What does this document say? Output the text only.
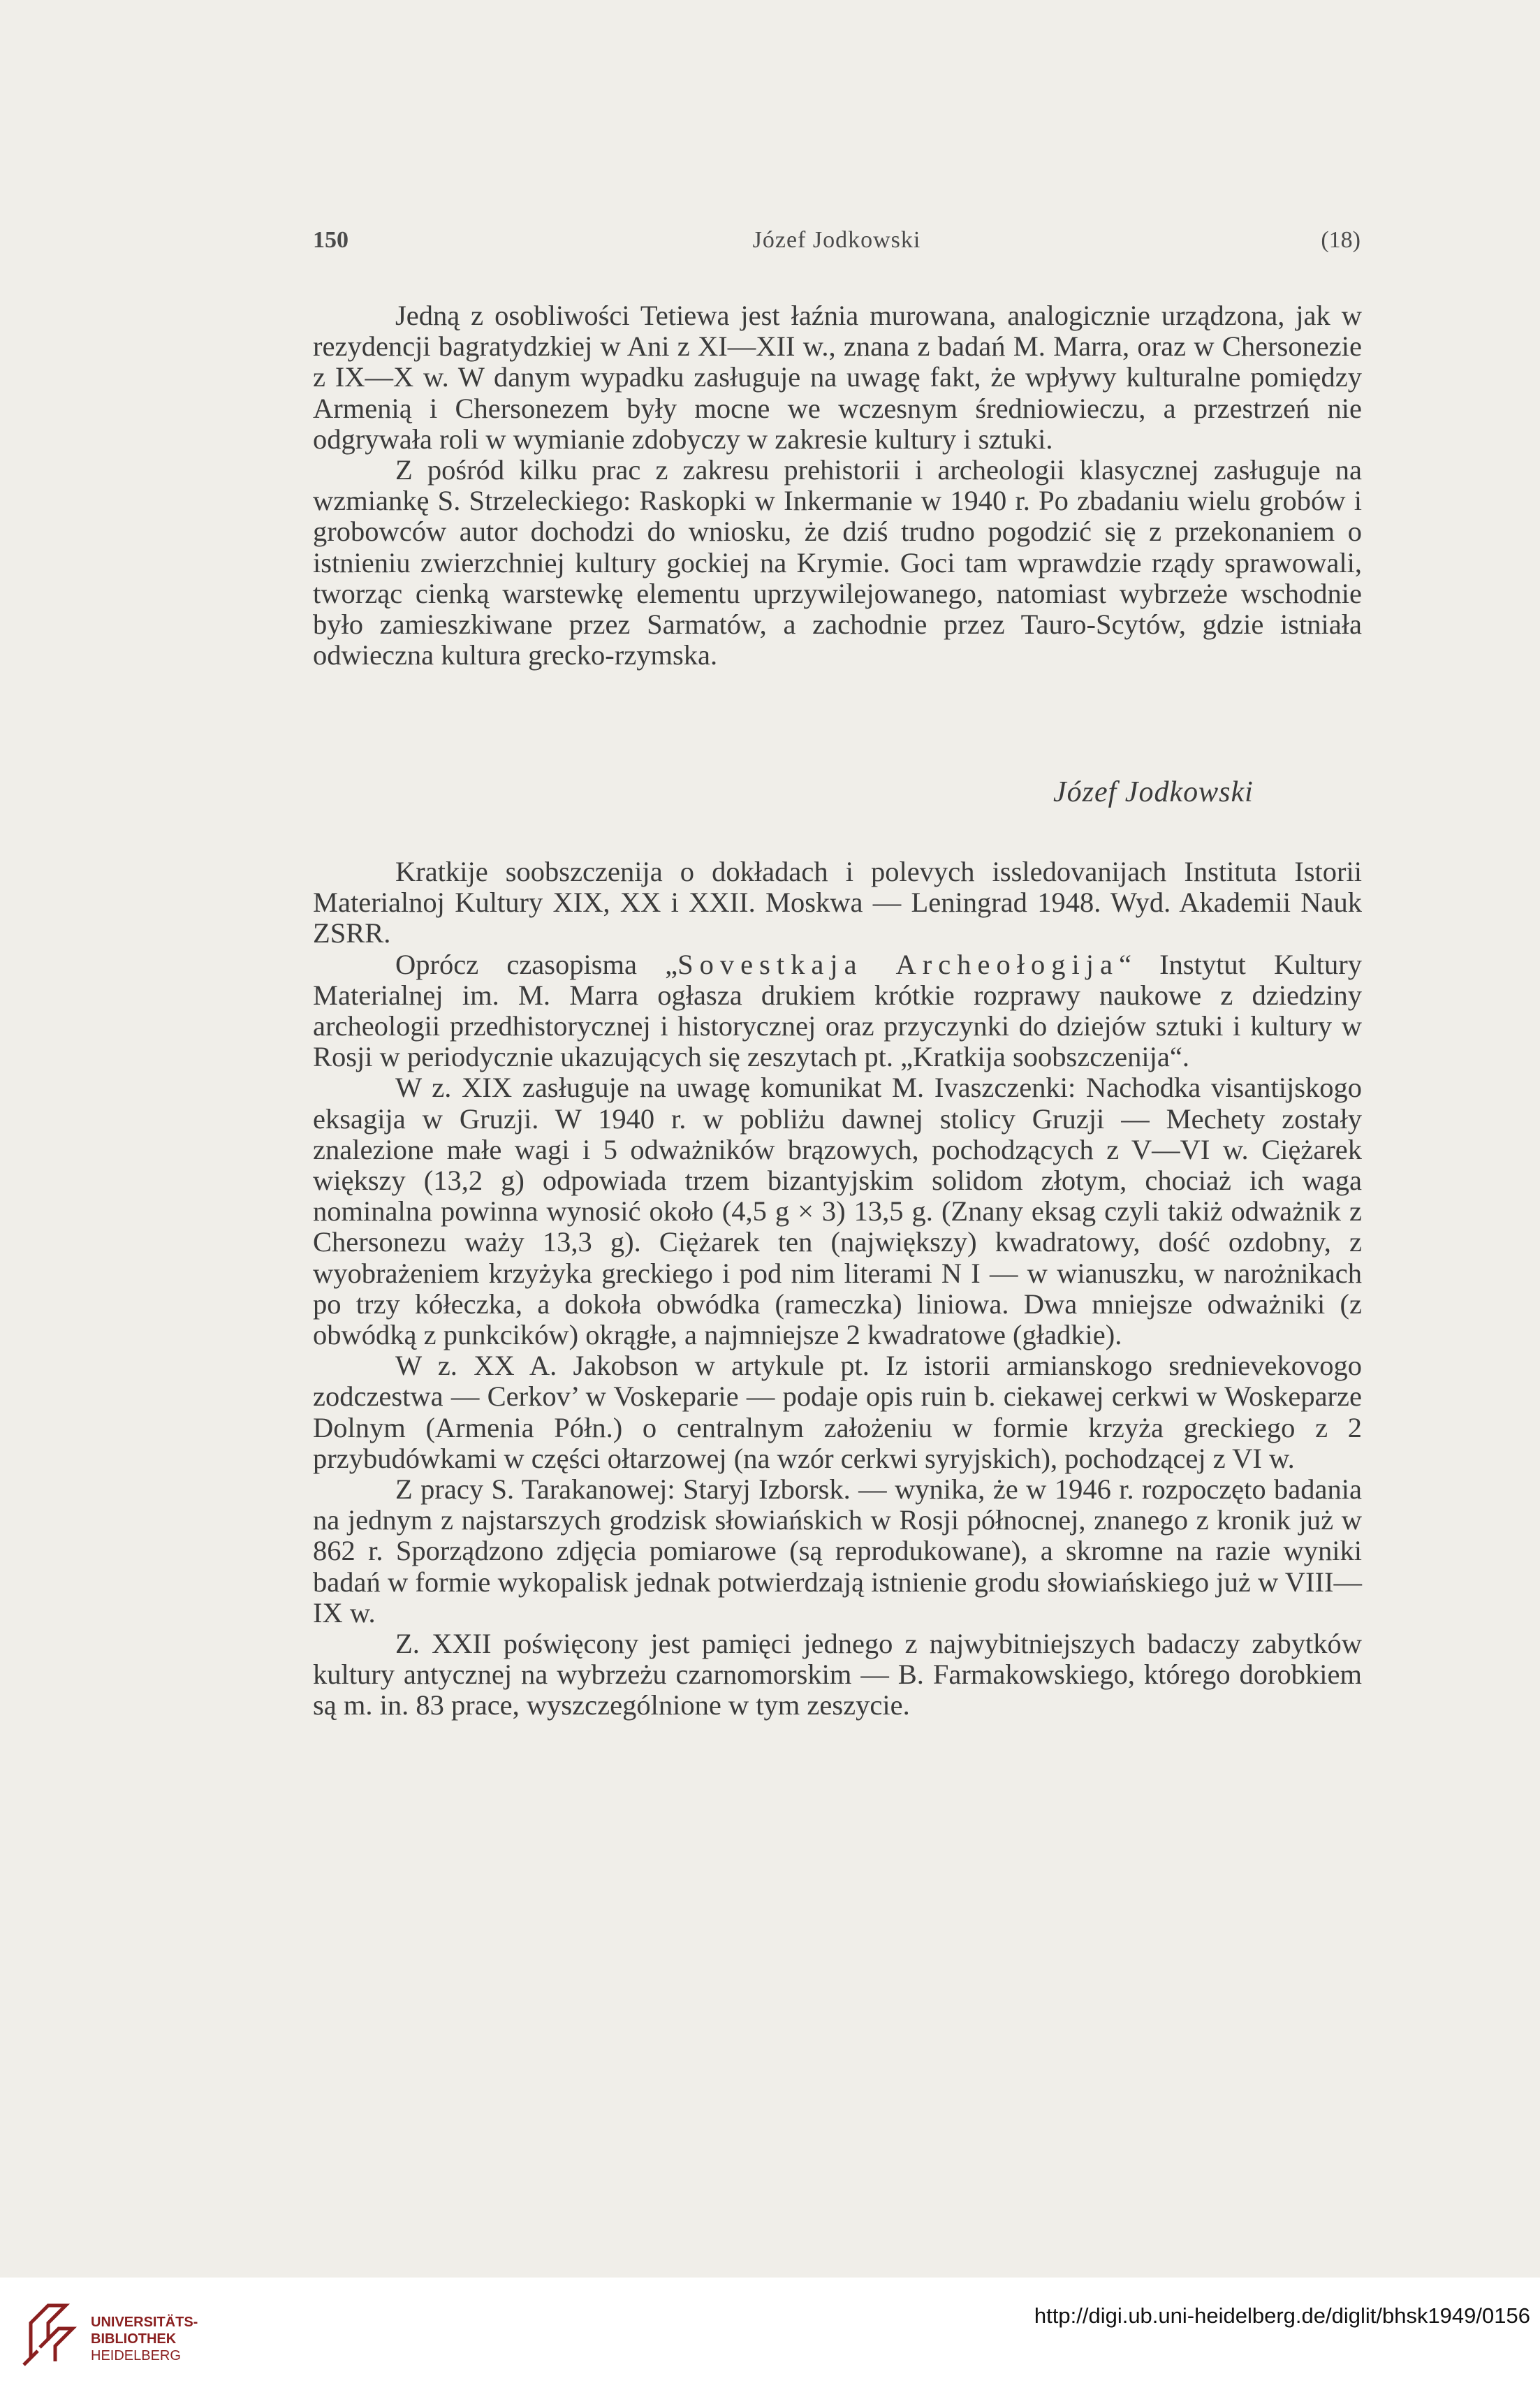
150	Józef Jodkowski	(18)

Jedną z osobliwości Tetiewa jest łaźnia murowana, analogicznie urządzona, jak w rezydencji bagratydzkiej w Ani z XI—XII w., znana z badań M. Marra, oraz w Chersonezie z IX—X w. W danym wypadku zasługuje na uwagę fakt, że wpływy kulturalne pomiędzy Armenią i Chersonezem były mocne we wczesnym średniowieczu, a przestrzeń nie odgrywała roli w wymianie zdobyczy w zakresie kultury i sztuki.

Z pośród kilku prac z zakresu prehistorii i archeologii klasycznej zasługuje na wzmiankę S. Strzeleckiego: Raskopki w Inkermanie w 1940 r. Po zbadaniu wielu grobów i grobowców autor dochodzi do wniosku, że dziś trudno pogodzić się z przekonaniem o istnieniu zwierzchniej kultury gockiej na Krymie. Goci tam wprawdzie rządy sprawowali, tworząc cienką warstewkę elementu uprzywilejowanego, natomiast wybrzeże wschodnie było zamieszkiwane przez Sarmatów, a zachodnie przez Tauro-Scytów, gdzie istniała odwieczna kultura grecko-rzymska.

Józef Jodkowski

Kratkije soobszczenija o dokładach i polevych issledovanijach Instituta Istorii Materialnoj Kultury XIX, XX i XXII. Moskwa — Leningrad 1948. Wyd. Akademii Nauk ZSRR.

Oprócz czasopisma „Sovestkaja Archeołogija“ Instytut Kultury Materialnej im. M. Marra ogłasza drukiem krótkie rozprawy naukowe z dziedziny archeologii przedhistorycznej i historycznej oraz przyczynki do dziejów sztuki i kultury w Rosji w periodycznie ukazujących się zeszytach pt. „Kratkija soobszczenija“.

W z. XIX zasługuje na uwagę komunikat M. Ivaszczenki: Nachodka visantijskogo eksagija w Gruzji. W 1940 r. w pobliżu dawnej stolicy Gruzji — Mechety zostały znalezione małe wagi i 5 odważników brązowych, pochodzących z V—VI w. Ciężarek większy (13,2 g) odpowiada trzem bizantyjskim solidom złotym, chociaż ich waga nominalna powinna wynosić około (4,5 g × 3) 13,5 g. (Znany eksag czyli takiż odważnik z Chersonezu waży 13,3 g). Ciężarek ten (największy) kwadratowy, dość ozdobny, z wyobrażeniem krzyżyka greckiego i pod nim literami N I — w wianuszku, w narożnikach po trzy kółeczka, a dokoła obwódka (rameczka) liniowa. Dwa mniejsze odważniki (z obwódką z punkcików) okrągłe, a najmniejsze 2 kwadratowe (gładkie).

W z. XX A. Jakobson w artykule pt. Iz istorii armianskogo srednievekovogo zodczestwa — Cerkov’ w Voskeparie — podaje opis ruin b. ciekawej cerkwi w Woskeparze Dolnym (Armenia Półn.) o centralnym założeniu w formie krzyża greckiego z 2 przybudówkami w części ołtarzowej (na wzór cerkwi syryjskich), pochodzącej z VI w.

Z pracy S. Tarakanowej: Staryj Izborsk. — wynika, że w 1946 r. rozpoczęto badania na jednym z najstarszych grodzisk słowiańskich w Rosji północnej, znanego z kronik już w 862 r. Sporządzono zdjęcia pomiarowe (są reprodukowane), a skromne na razie wyniki badań w formie wykopalisk jednak potwierdzają istnienie grodu słowiańskiego już w VIII—IX w.

Z. XXII poświęcony jest pamięci jednego z najwybitniejszych badaczy zabytków kultury antycznej na wybrzeżu czarnomorskim — B. Farmakowskiego, którego dorobkiem są m. in. 83 prace, wyszczególnione w tym zeszycie.

UNIVERSITÄTS-
BIBLIOTHEK
HEIDELBERG
http://digi.ub.uni-heidelberg.de/diglit/bhsk1949/0156
